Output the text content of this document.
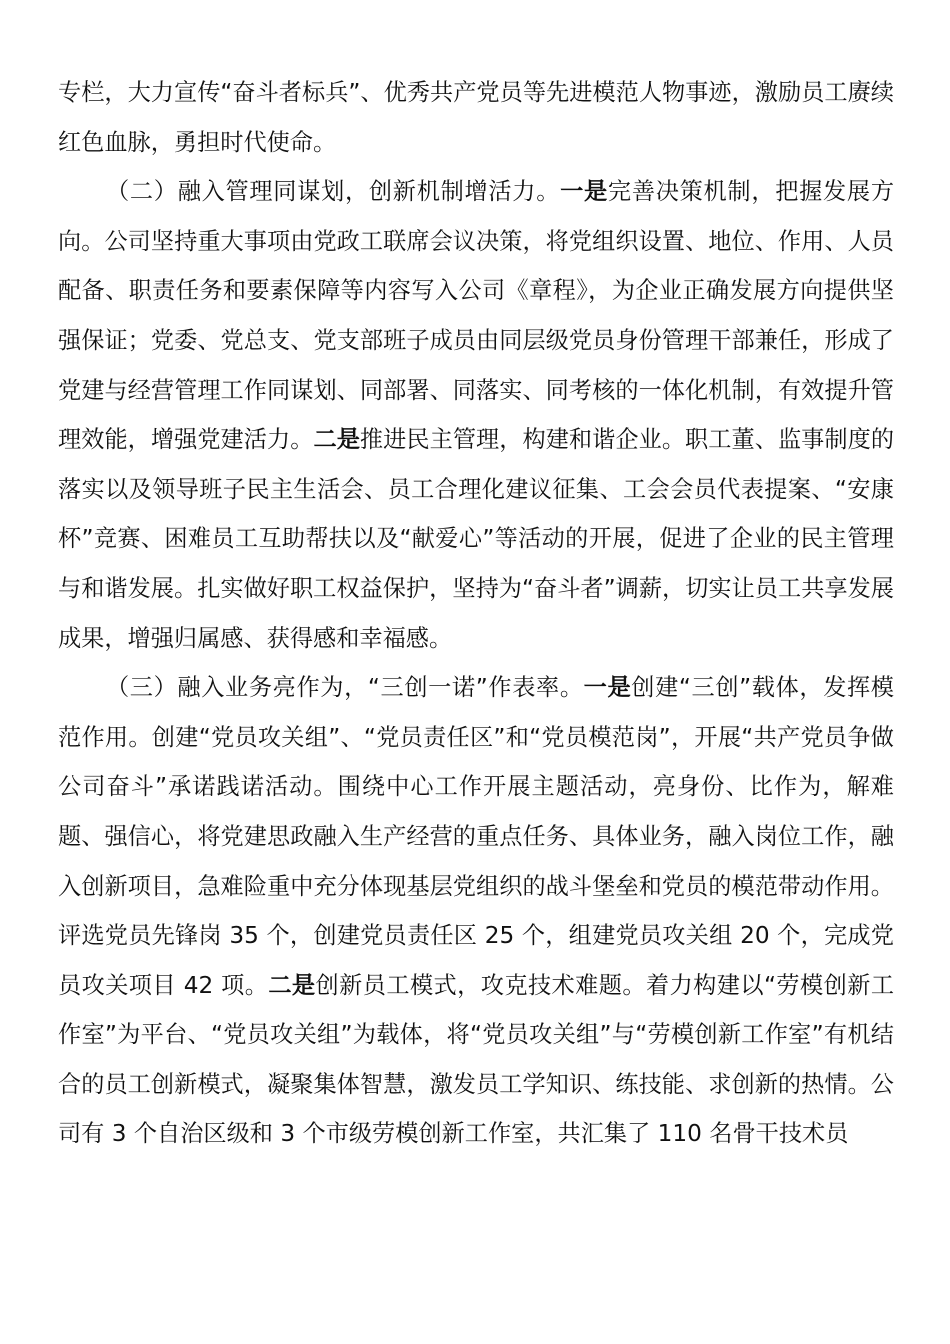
专栏，大力宣传“奋斗者标兵”、优秀共产党员等先进模范人物事迹，激励员工赓续红色血脉，勇担时代使命。

（二）融入管理同谋划，创新机制增活力。一是完善决策机制，把握发展方向。公司坚持重大事项由党政工联席会议决策，将党组织设置、地位、作用、人员配备、职责任务和要素保障等内容写入公司《章程》，为企业正确发展方向提供坚强保证；党委、党总支、党支部班子成员由同层级党员身份管理干部兼任，形成了党建与经营管理工作同谋划、同部署、同落实、同考核的一体化机制，有效提升管理效能，增强党建活力。二是推进民主管理，构建和谐企业。职工董、监事制度的落实以及领导班子民主生活会、员工合理化建议征集、工会会员代表提案、“安康杯”竞赛、困难员工互助帮扶以及“献爱心”等活动的开展，促进了企业的民主管理与和谐发展。扎实做好职工权益保护，坚持为“奋斗者”调薪，切实让员工共享发展成果，增强归属感、获得感和幸福感。

（三）融入业务亮作为，“三创一诺”作表率。一是创建“三创”载体，发挥模范作用。创建“党员攻关组”、“党员责任区”和“党员模范岗”，开展“共产党员争做公司奋斗”承诺践诺活动。围绕中心工作开展主题活动，亮身份、比作为，解难题、强信心，将党建思政融入生产经营的重点任务、具体业务，融入岗位工作，融入创新项目，急难险重中充分体现基层党组织的战斗堡垒和党员的模范带动作用。评选党员先锋岗 35 个，创建党员责任区 25 个，组建党员攻关组 20 个，完成党员攻关项目 42 项。二是创新员工模式，攻克技术难题。着力构建以“劳模创新工作室”为平台、“党员攻关组”为载体，将“党员攻关组”与“劳模创新工作室”有机结合的员工创新模式，凝聚集体智慧，激发员工学知识、练技能、求创新的热情。公司有 3 个自治区级和 3 个市级劳模创新工作室，共汇集了 110 名骨干技术员
